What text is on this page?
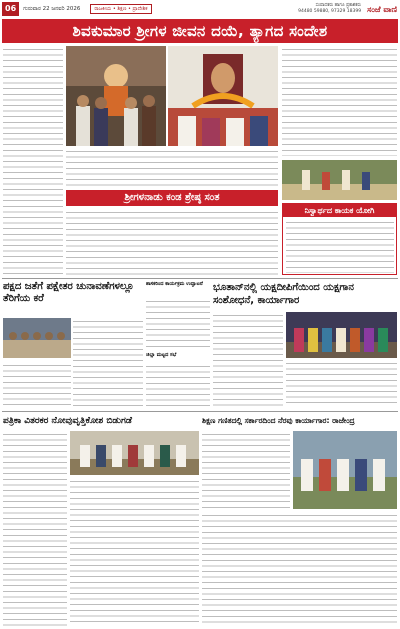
06	ಗುರುವಾರ 22 ಜನವರಿ 2026	ರಾಜಕೀಯ • ಶಿಕ್ಷಣ • ಪ್ರಾದೇಶಿಕ
ಸಂಪಾದಕರು ಹಾಗೂ ಪ್ರಕಾಶಕರು
94480 59880, 97329 18399 ಸಂಜೆ ವಾಣಿ
ಶಿವಕುಮಾರ ಶ್ರೀಗಳ ಜೀವನ ದಯೆ, ತ್ಯಾಗದ ಸಂದೇಶ
ಶ್ರೀಗಳನಾಡು ಕಂಡ ಶ್ರೇಷ್ಠ ಸಂತ
ನಿಸ್ವಾರ್ಥದ ಕಾಯಕ ಯೋಗಿ
ಪಕ್ಷದ ಜತೆಗೆ ಪಕ್ಷೇತರ ಚುನಾವಣೆಗಳಲ್ಲೂ ತೆರಿಗೆಯ ಕರೆ
ಶಾಸಕರಿಂದ ಕಾರ್ಯಕ್ರಮ ಉದ್ಘಾಟನೆ
ಜಿಲ್ಲಾ ಮಟ್ಟದ ಸಭೆ
ಭೂತಾನ್‌ನಲ್ಲಿ ಯಕ್ಷದೀಪಿಗೆಯಿಂದ ಯಕ್ಷಗಾನ ಸಂಶೋಧನೆ, ಕಾರ್ಯಾಗಾರ
ಪತ್ರಿಕಾ ವಿತರಕರ ನೋವುವೃತ್ತಿಕೋಶ ಬಿಡುಗಡೆ	ಶಿಕ್ಷಣ ಗಣಿತದಲ್ಲಿ ಸರ್ಕಾರದಿಂದ ನೆರವು ಕಾರ್ಯಾಗಾರ: ರಾಜೇಂದ್ರ
